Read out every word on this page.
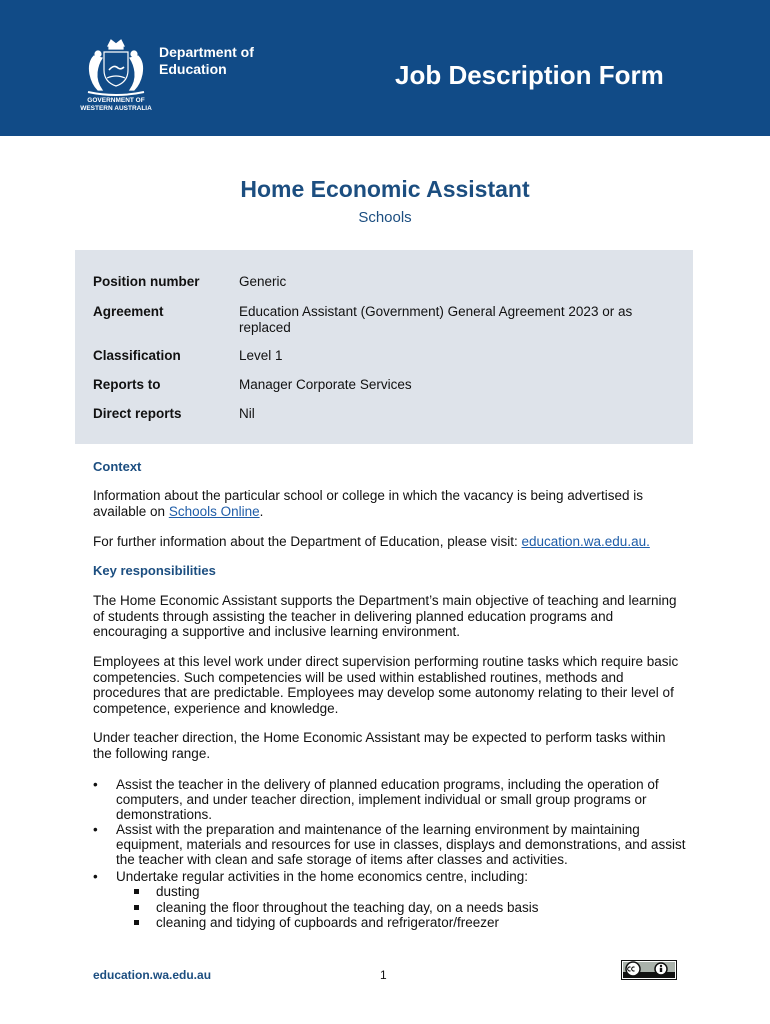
Department of
Education
GOVERNMENT OF
WESTERN AUSTRALIA
Job Description Form
Home Economic Assistant
Schools
Position number	Generic
Agreement	Education Assistant (Government) General Agreement 2023 or as replaced
Classification	Level 1
Reports to	Manager Corporate Services
Direct reports	Nil
Context
Information about the particular school or college in which the vacancy is being advertised is available on Schools Online.
For further information about the Department of Education, please visit: education.wa.edu.au.
Key responsibilities
The Home Economic Assistant supports the Department’s main objective of teaching and learning of students through assisting the teacher in delivering planned education programs and encouraging a supportive and inclusive learning environment.
Employees at this level work under direct supervision performing routine tasks which require basic competencies. Such competencies will be used within established routines, methods and procedures that are predictable. Employees may develop some autonomy relating to their level of competence, experience and knowledge.
Under teacher direction, the Home Economic Assistant may be expected to perform tasks within the following range.
• Assist the teacher in the delivery of planned education programs, including the operation of computers, and under teacher direction, implement individual or small group programs or demonstrations.
• Assist with the preparation and maintenance of the learning environment by maintaining equipment, materials and resources for use in classes, displays and demonstrations, and assist the teacher with clean and safe storage of items after classes and activities.
• Undertake regular activities in the home economics centre, including:
dusting
cleaning the floor throughout the teaching day, on a needs basis
cleaning and tidying of cupboards and refrigerator/freezer
education.wa.edu.au	1
